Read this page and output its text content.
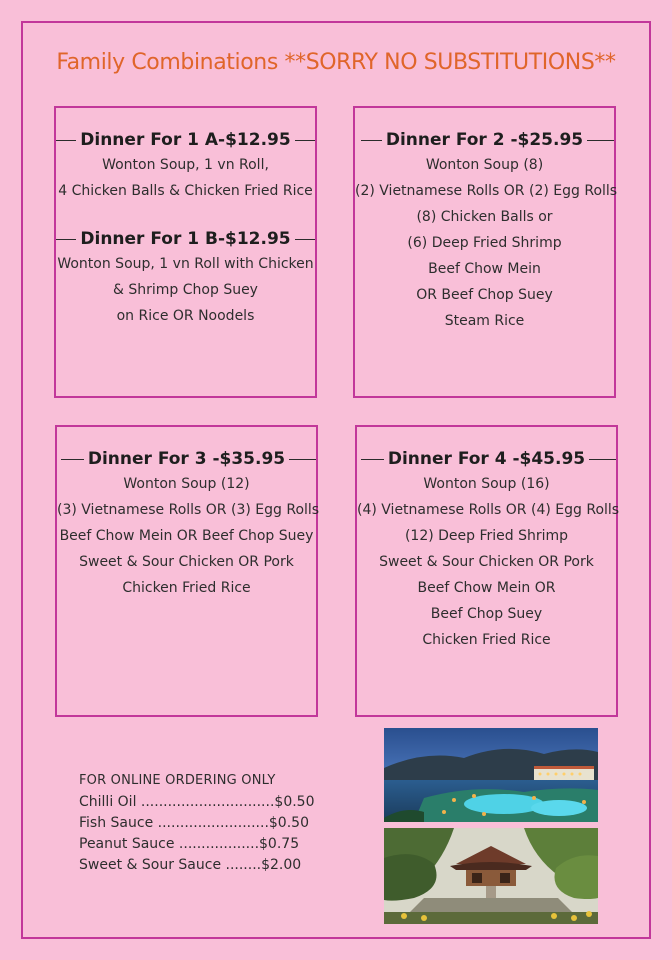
Family Combinations **SORRY NO SUBSTITUTIONS**
Dinner For 1 A-$12.95
Wonton Soup, 1 vn Roll,
4 Chicken Balls & Chicken Fried Rice
Dinner For 1 B-$12.95
Wonton Soup, 1 vn Roll with Chicken
& Shrimp Chop Suey
on Rice OR Noodels
Dinner For 2 -$25.95
Wonton Soup (8)
(2) Vietnamese Rolls OR (2) Egg Rolls
(8) Chicken Balls or
(6) Deep Fried Shrimp
Beef Chow Mein
OR Beef Chop Suey
Steam Rice
Dinner For 3 -$35.95
Wonton Soup (12)
(3) Vietnamese Rolls OR (3) Egg Rolls
Beef Chow Mein OR Beef Chop Suey
Sweet & Sour Chicken OR Pork
Chicken Fried Rice
Dinner For 4 -$45.95
Wonton Soup (16)
(4) Vietnamese Rolls OR (4) Egg Rolls
(12) Deep Fried Shrimp
Sweet & Sour Chicken OR Pork
Beef Chow Mein OR
Beef Chop Suey
Chicken Fried Rice
FOR ONLINE ORDERING ONLY
Chilli Oil ..............................$0.50
Fish Sauce .........................$0.50
Peanut Sauce ..................$0.75
Sweet & Sour Sauce ........$2.00
